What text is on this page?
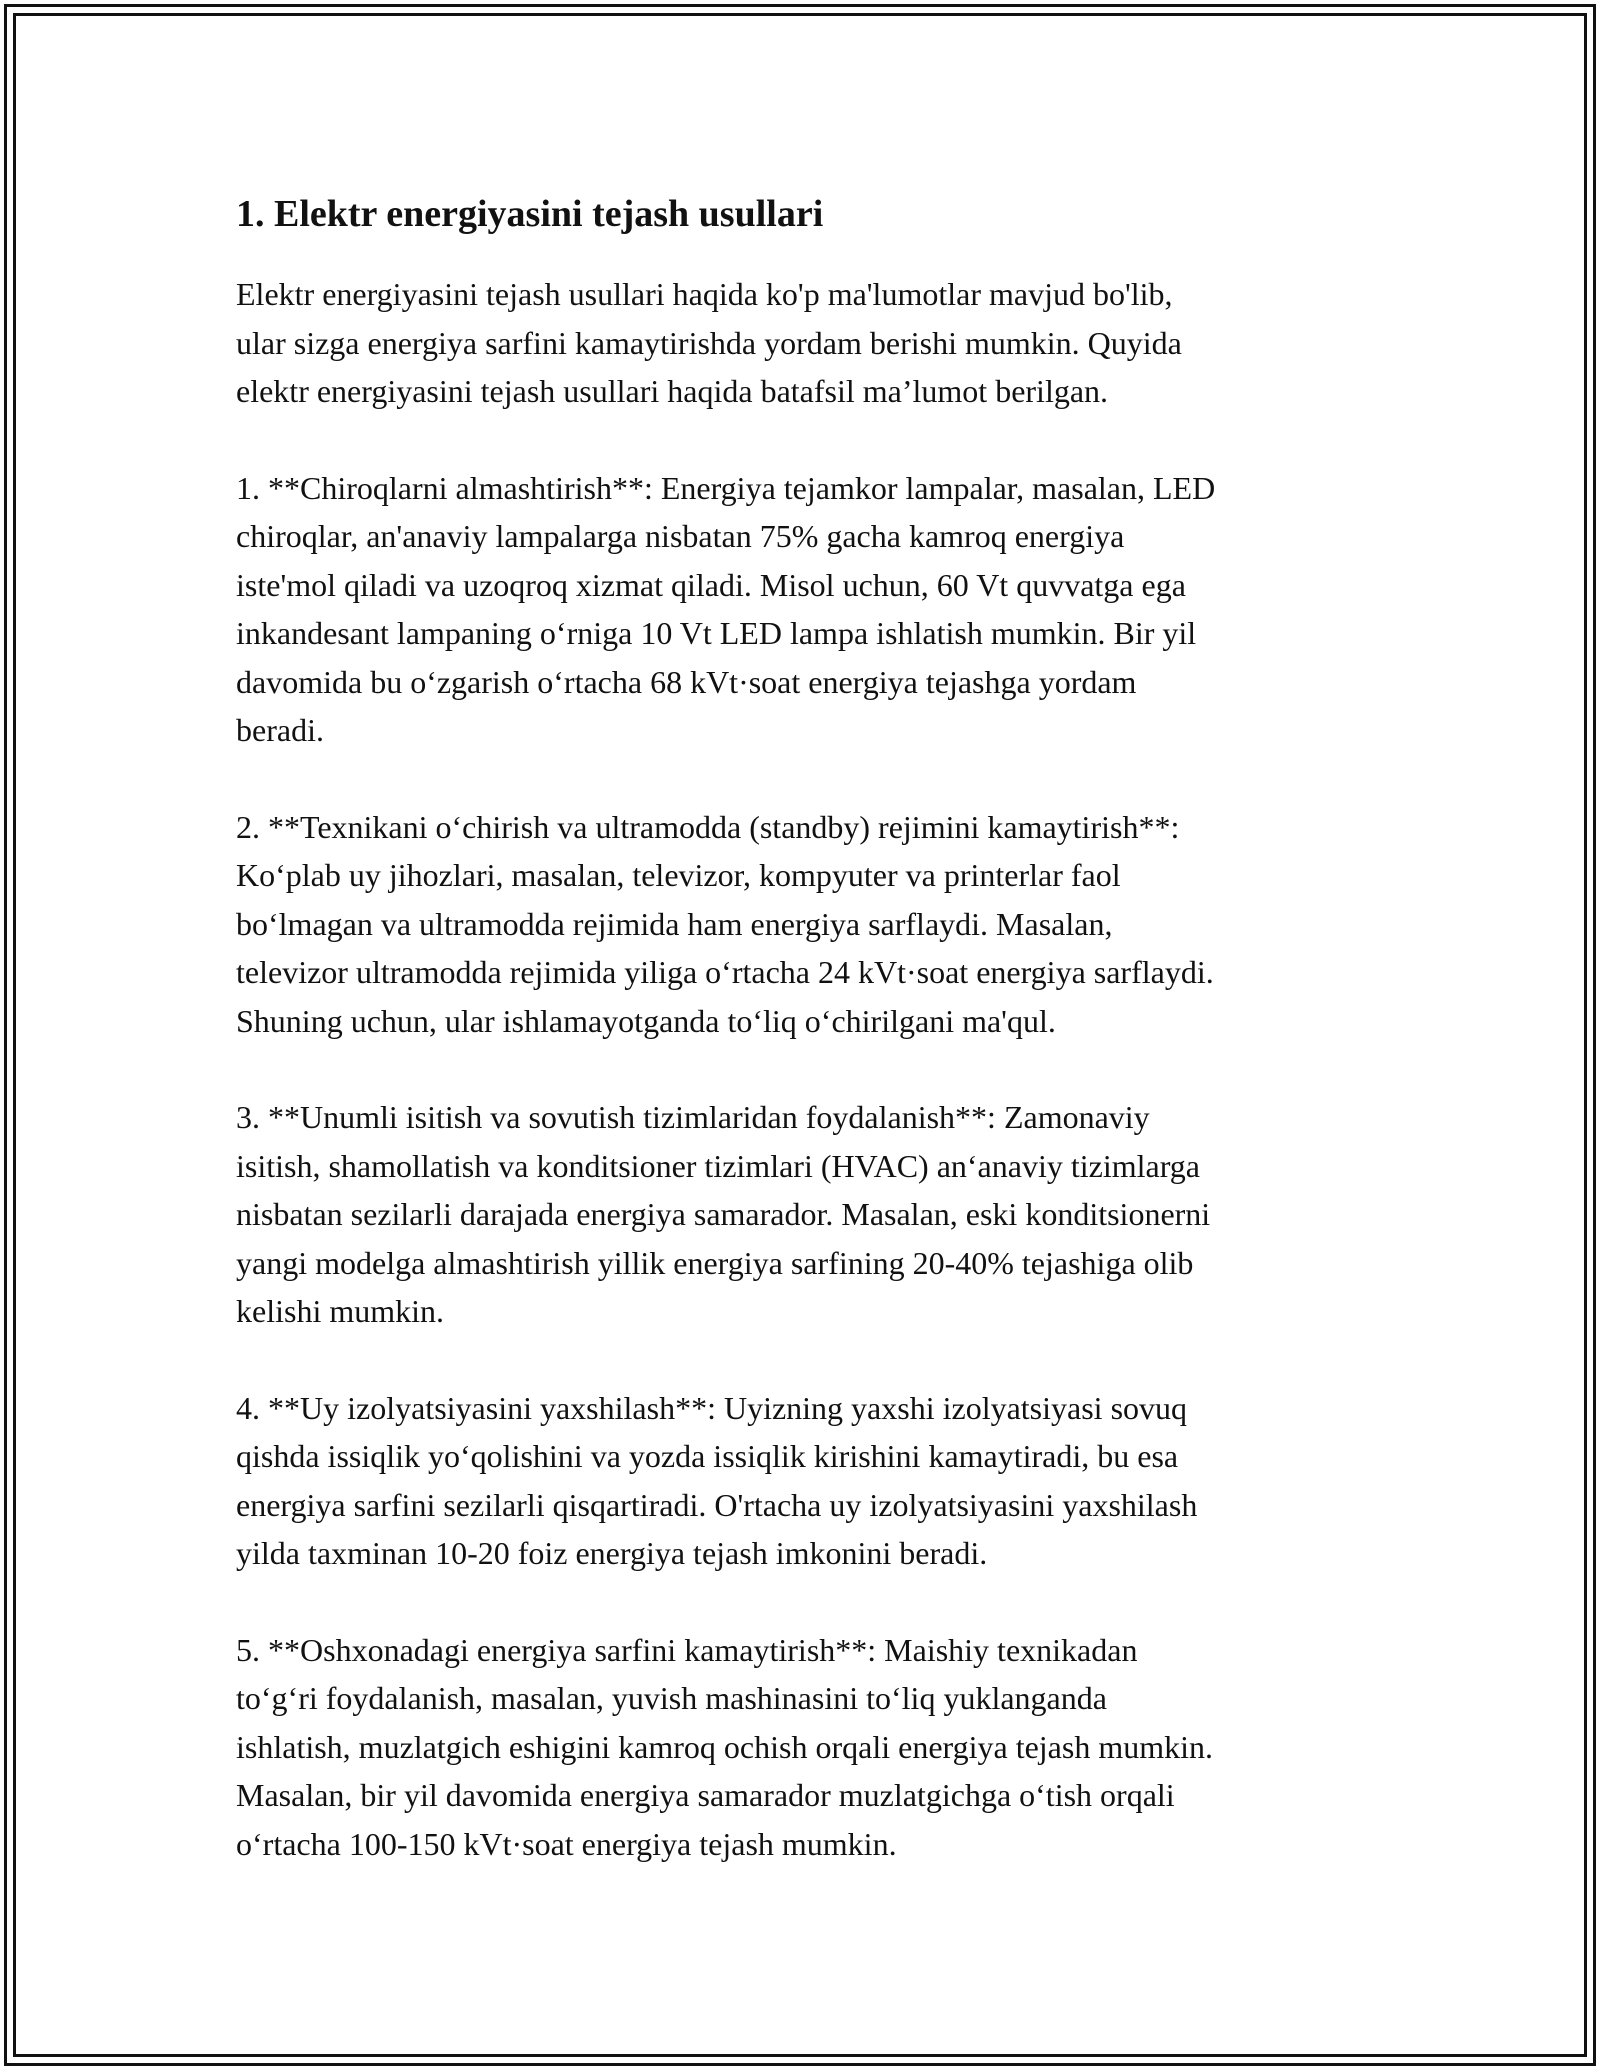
1. Elektr energiyasini tejash usullari

Elektr energiyasini tejash usullari haqida ko'p ma'lumotlar mavjud bo'lib,
ular sizga energiya sarfini kamaytirishda yordam berishi mumkin. Quyida
elektr energiyasini tejash usullari haqida batafsil ma’lumot berilgan.

1. **Chiroqlarni almashtirish**: Energiya tejamkor lampalar, masalan, LED
chiroqlar, an'anaviy lampalarga nisbatan 75% gacha kamroq energiya
iste'mol qiladi va uzoqroq xizmat qiladi. Misol uchun, 60 Vt quvvatga ega
inkandesant lampaning oʻrniga 10 Vt LED lampa ishlatish mumkin. Bir yil
davomida bu oʻzgarish oʻrtacha 68 kVt·soat energiya tejashga yordam
beradi.

2. **Texnikani oʻchirish va ultramodda (standby) rejimini kamaytirish**:
Koʻplab uy jihozlari, masalan, televizor, kompyuter va printerlar faol
boʻlmagan va ultramodda rejimida ham energiya sarflaydi. Masalan,
televizor ultramodda rejimida yiliga oʻrtacha 24 kVt·soat energiya sarflaydi.
Shuning uchun, ular ishlamayotganda toʻliq oʻchirilgani ma'qul.

3. **Unumli isitish va sovutish tizimlaridan foydalanish**: Zamonaviy
isitish, shamollatish va konditsioner tizimlari (HVAC) anʻanaviy tizimlarga
nisbatan sezilarli darajada energiya samarador. Masalan, eski konditsionerni
yangi modelga almashtirish yillik energiya sarfining 20-40% tejashiga olib
kelishi mumkin.

4. **Uy izolyatsiyasini yaxshilash**: Uyizning yaxshi izolyatsiyasi sovuq
qishda issiqlik yoʻqolishini va yozda issiqlik kirishini kamaytiradi, bu esa
energiya sarfini sezilarli qisqartiradi. O'rtacha uy izolyatsiyasini yaxshilash
yilda taxminan 10-20 foiz energiya tejash imkonini beradi.

5. **Oshxonadagi energiya sarfini kamaytirish**: Maishiy texnikadan
toʻgʻri foydalanish, masalan, yuvish mashinasini toʻliq yuklanganda
ishlatish, muzlatgich eshigini kamroq ochish orqali energiya tejash mumkin.
Masalan, bir yil davomida energiya samarador muzlatgichga oʻtish orqali
oʻrtacha 100-150 kVt·soat energiya tejash mumkin.
